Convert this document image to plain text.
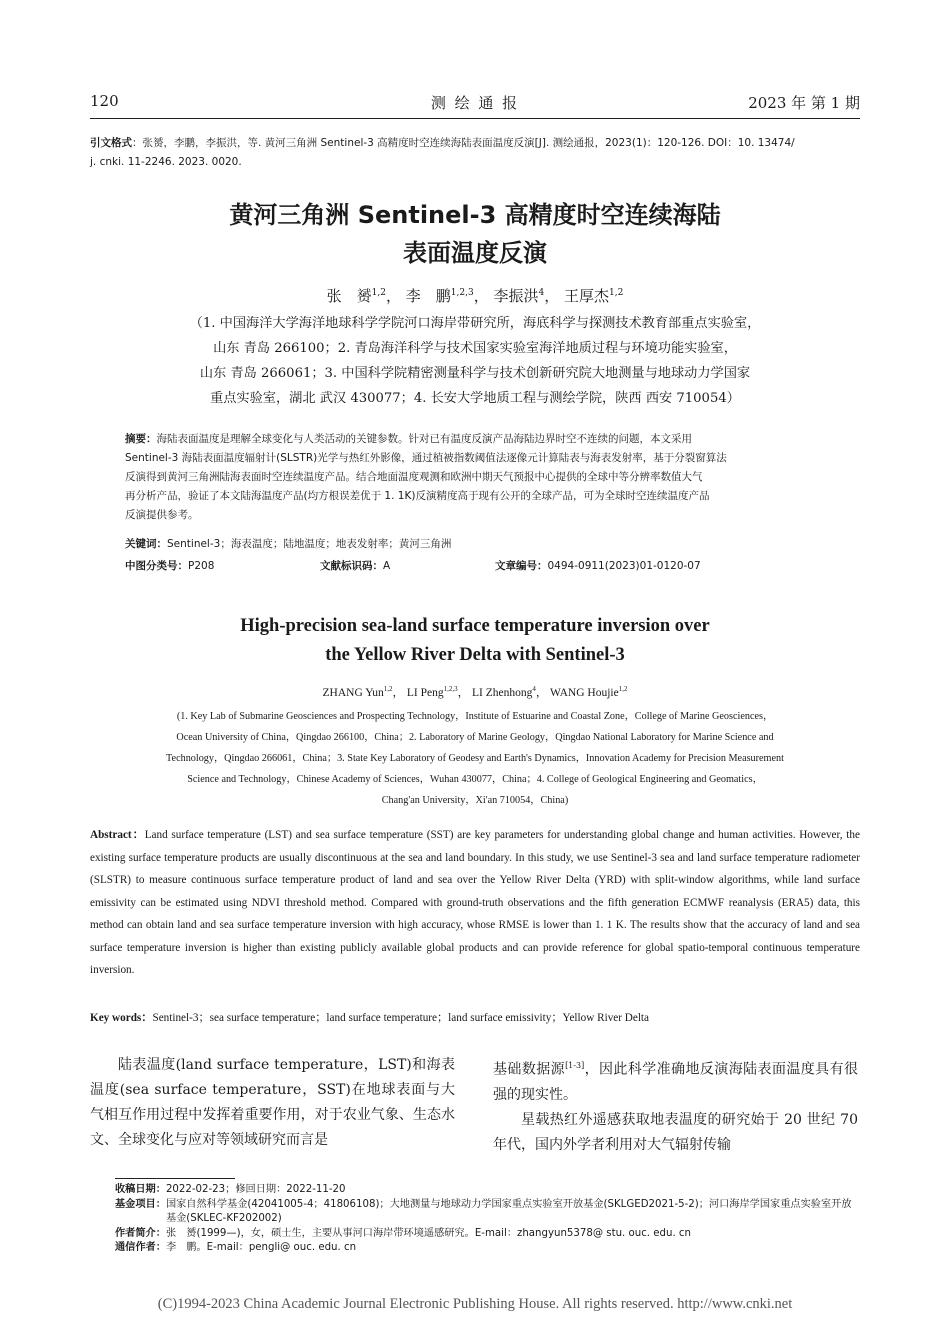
120	测 绘 通 报	2023 年 第 1 期
引文格式：张赟，李鹏，李振洪，等. 黄河三角洲 Sentinel-3 高精度时空连续海陆表面温度反演[J]. 测绘通报，2023(1)：120-126. DOI：10. 13474/
j. cnki. 11-2246. 2023. 0020.
黄河三角洲 Sentinel-3 高精度时空连续海陆
表面温度反演
张　赟$^{1,2}$， 李　鹏$^{1,2,3}$， 李振洪$^4$， 王厚杰$^{1,2}$
（1. 中国海洋大学海洋地球科学学院河口海岸带研究所，海底科学与探测技术教育部重点实验室，
山东 青岛 266100；2. 青岛海洋科学与技术国家实验室海洋地质过程与环境功能实验室，
山东 青岛 266061；3. 中国科学院精密测量科学与技术创新研究院大地测量与地球动力学国家
重点实验室，湖北 武汉 430077；4. 长安大学地质工程与测绘学院，陕西 西安 710054）
摘要：海陆表面温度是理解全球变化与人类活动的关键参数。针对已有温度反演产品海陆边界时空不连续的问题，本文采用
Sentinel-3 海陆表面温度辐射计(SLSTR)光学与热红外影像，通过植被指数阈值法逐像元计算陆表与海表发射率，基于分裂窗算法
反演得到黄河三角洲陆海表面时空连续温度产品。结合地面温度观测和欧洲中期天气预报中心提供的全球中等分辨率数值大气
再分析产品，验证了本文陆海温度产品(均方根误差优于 1. 1K)反演精度高于现有公开的全球产品，可为全球时空连续温度产品
反演提供参考。
关键词：Sentinel-3；海表温度；陆地温度；地表发射率；黄河三角洲
中图分类号：P208	文献标识码：A	文章编号：0494-0911(2023)01-0120-07
High-precision sea-land surface temperature inversion over
the Yellow River Delta with Sentinel-3
ZHANG Yun$^{1,2}$， LI Peng$^{1,2,3}$， LI Zhenhong$^4$， WANG Houjie$^{1,2}$
(1. Key Lab of Submarine Geosciences and Prospecting Technology，Institute of Estuarine and Coastal Zone，College of Marine Geosciences，
Ocean University of China，Qingdao 266100，China；2. Laboratory of Marine Geology，Qingdao National Laboratory for Marine Science and
Technology，Qingdao 266061，China；3. State Key Laboratory of Geodesy and Earth's Dynamics，Innovation Academy for Precision Measurement
Science and Technology，Chinese Academy of Sciences，Wuhan 430077，China；4. College of Geological Engineering and Geomatics，
Chang'an University，Xi'an 710054，China)
Abstract：Land surface temperature (LST) and sea surface temperature (SST) are key parameters for understanding global change and human activities. However, the existing surface temperature products are usually discontinuous at the sea and land boundary. In this study, we use Sentinel-3 sea and land surface temperature radiometer (SLSTR) to measure continuous surface temperature product of land and sea over the Yellow River Delta (YRD) with split-window algorithms, while land surface emissivity can be estimated using NDVI threshold method. Compared with ground-truth observations and the fifth generation ECMWF reanalysis (ERA5) data, this method can obtain land and sea surface temperature inversion with high accuracy, whose RMSE is lower than 1. 1 K. The results show that the accuracy of land and sea surface temperature inversion is higher than existing publicly available global products and can provide reference for global spatio-temporal continuous temperature inversion.
Key words：Sentinel-3；sea surface temperature；land surface temperature；land surface emissivity；Yellow River Delta

陆表温度(land surface temperature，LST)和海表温度(sea surface temperature，SST)在地球表面与大气相互作用过程中发挥着重要作用，对于农业气象、生态水文、全球变化与应对等领域研究而言是

基础数据源[1-3]，因此科学准确地反演海陆表面温度具有很强的现实性。

星载热红外遥感获取地表温度的研究始于 20 世纪 70 年代，国内外学者利用对大气辐射传输

收稿日期： 2022-02-23；修回日期：2022-11-20
基金项目： 国家自然科学基金(42041005-4；41806108)；大地测量与地球动力学国家重点实验室开放基金(SKLGED2021-5-2)；河口海岸学国家重点实验室开放基金(SKLEC-KF202002)
作者简介： 张　赟(1999—)，女，硕士生，主要从事河口海岸带环境遥感研究。E-mail：zhangyun5378@ stu. ouc. edu. cn
通信作者： 李　鹏。E-mail：pengli@ ouc. edu. cn
(C)1994-2023 China Academic Journal Electronic Publishing House. All rights reserved. http://www.cnki.net
